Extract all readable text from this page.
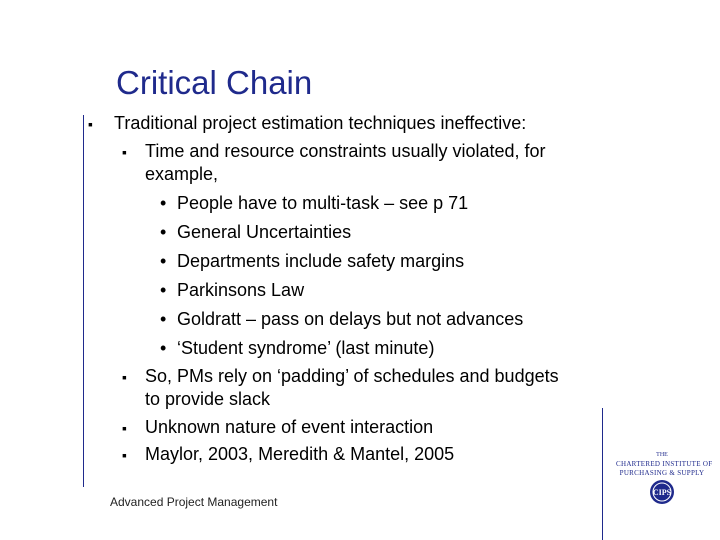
Critical Chain
▪ Traditional project estimation techniques ineffective:
▪ Time and resource constraints usually violated, for
example,
• People have to multi-task – see p 71
• General Uncertainties
• Departments include safety margins
• Parkinsons Law
• Goldratt – pass on delays but not advances
• ‘Student syndrome’ (last minute)
▪ So, PMs rely on ‘padding’ of schedules and budgets
to provide slack
▪ Unknown nature of event interaction
▪ Maylor, 2003, Meredith & Mantel, 2005
Advanced Project Management
THE
CHARTERED INSTITUTE OF
PURCHASING & SUPPLY
CIPS
